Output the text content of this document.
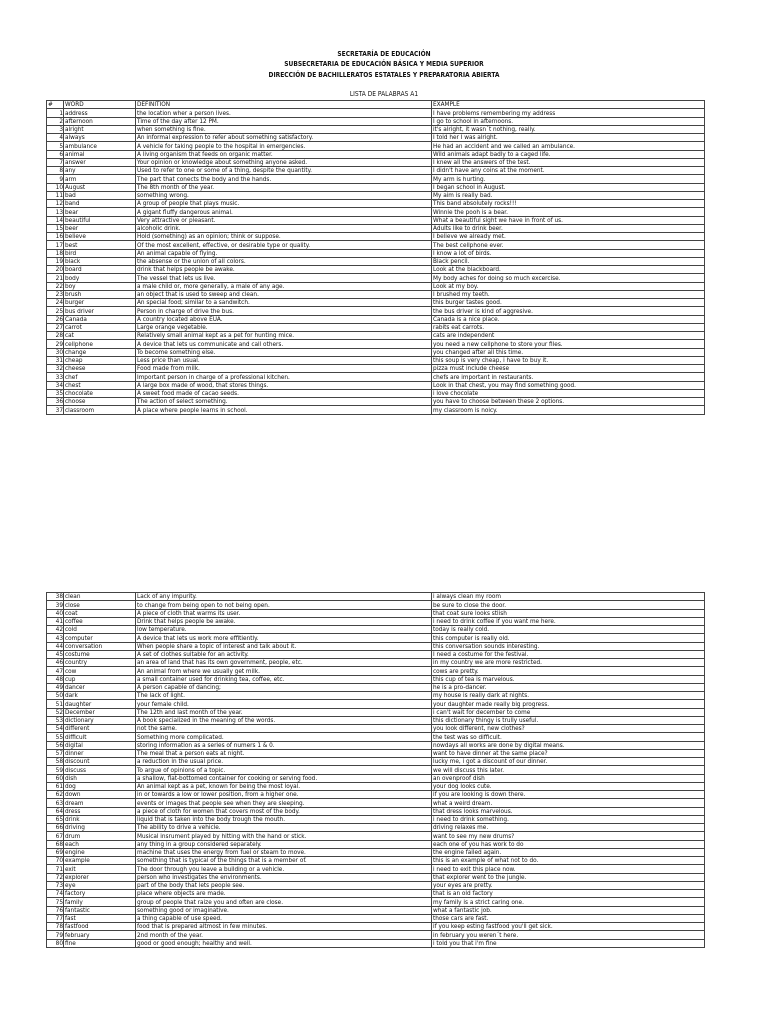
SECRETARÍA DE EDUCACIÓN
SUBSECRETARIA DE EDUCACIÓN BÁSICA Y MEDIA SUPERIOR
DIRECCIÓN DE BACHILLERATOS ESTATALES Y PREPARATORIA ABIERTA
LISTA DE PALABRAS A1
#	WORD	DEFINITION	EXAMPLE
1	address	the location wher a person lives.	I have problems remembering my address
2	afternoon	Time of the day after 12 PM.	I go to school in afternoons.
3	alright	when something is fine.	it's alright, it wasn´t nothing, really.
4	always	An informal expression to refer about something satisfactory.	I told her I was alright.
5	ambulance	A vehicle for taking people to the hospital in emergencies.	He had an accident and we called an ambulance.
6	animal	A living organism that feeds on organic matter.	Wild animals adapt badly to a caged life.
7	answer	Your opinion or knowledge about something anyone asked.	I knew all the answers of the test.
8	any	Used to refer to one or some of a thing, despite the quantity.	I didn't have any coins at the moment.
9	arm	The part that conects the body and the hands.	My arm is hurting.
10	August	The 8th month of the year.	I began school in August.
11	bad	something wrong.	My aim is really bad.
12	band	A group of people that plays music.	This band absolutely rocks!!!
13	bear	A gigant fluffy dangerous animal.	Winnie the pooh is a bear.
14	beautiful	Very attractive or pleasant.	What a beautiful sight we have in front of us.
15	beer	alcoholic drink.	Adults like to drink beer.
16	believe	Hold (something) as an opinion; think or suppose.	I believe we already met.
17	best	Of the most excellent, effective, or desirable type or quality.	The best cellphone ever.
18	bird	An animal capable of flying.	I know a lot of birds.
19	black	the absense or the union of all colors.	Black pencil.
20	board	drink that helps people be awake.	Look at the blackboard.
21	body	The vessel that lets us live.	My body aches for doing so much excercise.
22	boy	a male child or, more generally, a male of any age.	Look at my boy.
23	brush	an object that is used to sweep and clean.	I brushed my teeth.
24	burger	An special food; similar to a sandwitch.	this burger tastes good.
25	bus driver	Person in charge of drive the bus.	the bus driver is kind of aggresive.
26	Canada	A country located above EUA.	Canada is a nice place.
27	carrot	Large orange vegetable.	rabits eat carrots.
28	cat	Relatively small animal kept as a pet for hunting mice.	cats are independent
29	cellphone	A device that lets us communicate and call others.	you need a new cellphone to store your files.
30	change	To become something else.	you changed after all this time.
31	cheap	Less price than usual.	this soup is very cheap, i have to buy it.
32	cheese	Food made from milk.	pizza must include cheese
33	chef	Important person in charge of a professional kitchen.	chefs are important in restaurants.
34	chest	A large box made of wood, that stores things.	Look in that chest, you may find something good.
35	chocolate	A sweet food made of cacao seeds.	i love chocolate
36	choose	The action of select something.	you have to choose between these 2 options.
37	classroom	A place where people learns in school.	my classroom is noicy.
38	clean	Lack of any impurity.	i always clean my room
39	close	to change from being open to not being open.	be sure to close the door.
40	coat	A piece of cloth that warms its user.	that coat sure looks stlish
41	coffee	Drink that helps people be awake.	i need to drink coffee if you want me here.
42	cold	low temperature.	today is really cold.
43	computer	A device that lets us work more effitiently.	this computer is really old.
44	conversation	When people share a topic of interest and talk about it.	this conversation sounds interesting.
45	costume	A set of clothes suitable for an activity.	I need a costume for the festival.
46	country	an area of land that has its own government, people, etc.	in my country we are more restricted.
47	cow	An animal from where we usually get milk.	cows are pretty.
48	cup	a small container used for drinking tea, coffee, etc.	this cup of tea is marvelous.
49	dancer	A person capable of dancing;	he is a pro-dancer.
50	dark	The lack of light.	my house is really dark at nights.
51	daughter	your female child.	your daughter made really big progress.
52	December	The 12th and last month of the year.	i can't wait for december to come
53	dictionary	A book specialized in the meaning of the words.	this dictionary thingy is trully useful.
54	different	not the same.	you look different, new clothes?
55	difficult	Something more complicated.	the test was so difficult.
56	digital	storing information as a series of numers 1 & 0.	nowdays all works are done by digital means.
57	dinner	The meal that a person eats at night.	want to have dinner at the same place?
58	discount	a reduction in the usual price.	lucky me, i got a discount of our dinner.
59	discuss	To argue of opinions of a topic.	we will discuss this later.
60	dish	a shallow, flat-bottomed container for cooking or serving food.	an ovenproof dish
61	dog	An animal kept as a pet, known for being the most loyal.	your dog looks cute.
62	down	in or towards a low or lower position, from a higher one.	if you are looking is down there.
63	dream	events or images that people see when they are sleeping.	what a weird dream.
64	dress	a piece of cloth for women that covers most of the body.	that dress looks marvelous.
65	drink	liquid that is taken into the body trough the mouth.	i need to drink something.
66	driving	The ability to drive a vehicle.	driving relaxes me.
67	drum	Musical insrument played by hitting with the hand or stick.	want to see my new drums?
68	each	any thing in a group considered separately.	each one of you has work to do
69	engine	machine that uses the energy from fuel or steam to move.	the engine failed again.
70	example	something that is typical of the things that is a member of.	this is an example of what not to do.
71	exit	The door through you leave a building or a vehicle.	i need to exit this place now.
72	explorer	person who investigates the environments.	that explorer went to the jungle.
73	eye	part of the body that lets people see.	your eyes are pretty.
74	factory	place where objects are made.	that is an old factory
75	family	group of people that raize you and often are close.	my family is a strict caring one.
76	fantastic	something good or imaginative.	what a fantastic job.
77	fast	a thing capable of use speed.	those cars are fast.
78	fastfood	food that is prepared altmost in few minutes.	if you keep esting fastfood you'll get sick.
79	february	2nd month of the year.	in february you weren´t here.
80	fine	good or good enough; healthy and well.	i told you that i'm fine
